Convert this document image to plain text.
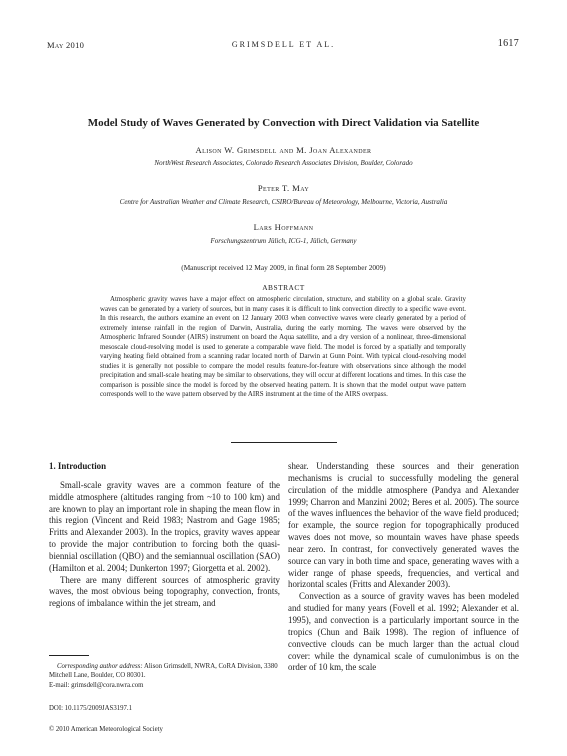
May 2010	GRIMSDELL ET AL.	1617
Model Study of Waves Generated by Convection with Direct Validation via Satellite
Alison W. Grimsdell and M. Joan Alexander
NorthWest Research Associates, Colorado Research Associates Division, Boulder, Colorado
Peter T. May
Centre for Australian Weather and Climate Research, CSIRO/Bureau of Meteorology, Melbourne, Victoria, Australia
Lars Hoffmann
Forschungszentrum Jülich, ICG-1, Jülich, Germany
(Manuscript received 12 May 2009, in final form 28 September 2009)
ABSTRACT
Atmospheric gravity waves have a major effect on atmospheric circulation, structure, and stability on a global scale. Gravity waves can be generated by a variety of sources, but in many cases it is difficult to link convection directly to a specific wave event. In this research, the authors examine an event on 12 January 2003 when convective waves were clearly generated by a period of extremely intense rainfall in the region of Darwin, Australia, during the early morning. The waves were observed by the Atmospheric Infrared Sounder (AIRS) instrument on board the Aqua satellite, and a dry version of a nonlinear, three-dimensional mesoscale cloud-resolving model is used to generate a comparable wave field. The model is forced by a spatially and temporally varying heating field obtained from a scanning radar located north of Darwin at Gunn Point. With typical cloud-resolving model studies it is generally not possible to compare the model results feature-for-feature with observations since although the model precipitation and small-scale heating may be similar to observations, they will occur at different locations and times. In this case the comparison is possible since the model is forced by the observed heating pattern. It is shown that the model output wave pattern corresponds well to the wave pattern observed by the AIRS instrument at the time of the AIRS overpass.
1. Introduction

Small-scale gravity waves are a common feature of the middle atmosphere (altitudes ranging from ~10 to 100 km) and are known to play an important role in shaping the mean flow in this region (Vincent and Reid 1983; Nastrom and Gage 1985; Fritts and Alexander 2003). In the tropics, gravity waves appear to provide the major contribution to forcing both the quasi-biennial oscillation (QBO) and the semiannual oscillation (SAO) (Hamilton et al. 2004; Dunkerton 1997; Giorgetta et al. 2002).

There are many different sources of atmospheric gravity waves, the most obvious being topography, convection, fronts, regions of imbalance within the jet stream, and

shear. Understanding these sources and their generation mechanisms is crucial to successfully modeling the general circulation of the middle atmosphere (Pandya and Alexander 1999; Charron and Manzini 2002; Beres et al. 2005). The source of the waves influences the behavior of the wave field produced; for example, the source region for topographically produced waves does not move, so mountain waves have phase speeds near zero. In contrast, for convectively generated waves the source can vary in both time and space, generating waves with a wider range of phase speeds, frequencies, and vertical and horizontal scales (Fritts and Alexander 2003).

Convection as a source of gravity waves has been modeled and studied for many years (Fovell et al. 1992; Alexander et al. 1995), and convection is a particularly important source in the tropics (Chun and Baik 1998). The region of influence of convective clouds can be much larger than the actual cloud cover: while the dynamical scale of cumulonimbus is on the order of 10 km, the scale

Corresponding author address: Alison Grimsdell, NWRA, CoRA Division, 3380 Mitchell Lane, Boulder, CO 80301.
E-mail: grimsdell@cora.nwra.com
DOI: 10.1175/2009JAS3197.1
© 2010 American Meteorological Society
